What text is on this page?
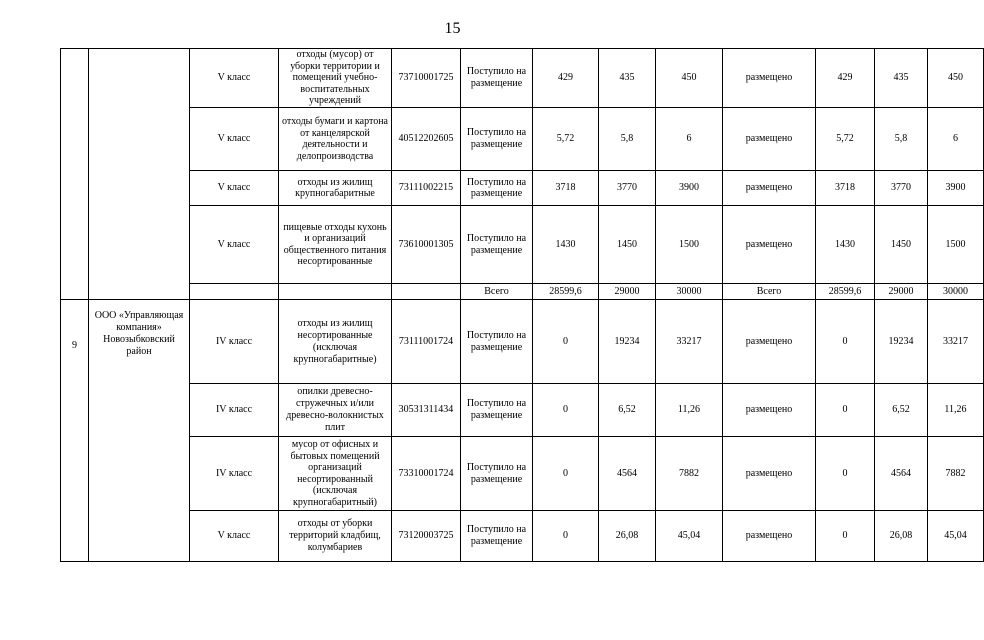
15
		V класс	отходы (мусор) от уборки территории и помещений учебно-воспитательных учреждений	73710001725	Поступило на размещение	429	435	450	размещено	429	435	450
		V класс	отходы бумаги и картона от канцелярской деятельности и делопроизводства	40512202605	Поступило на размещение	5,72	5,8	6	размещено	5,72	5,8	6
		V класс	отходы из жилищ крупногабаритные	73111002215	Поступило на размещение	3718	3770	3900	размещено	3718	3770	3900
		V класс	пищевые отходы кухонь и организаций общественного питания несортированные	73610001305	Поступило на размещение	1430	1450	1500	размещено	1430	1450	1500
					Всего	28599,6	29000	30000	Всего	28599,6	29000	30000
9	ООО «Управляющая компания» Новозыбковский район	IV класс	отходы из жилищ несортированные (исключая крупногабаритные)	73111001724	Поступило на размещение	0	19234	33217	размещено	0	19234	33217
		IV класс	опилки древесно-стружечных и/или древесно-волокнистых плит	30531311434	Поступило на размещение	0	6,52	11,26	размещено	0	6,52	11,26
		IV класс	мусор от офисных и бытовых помещений организаций несортированный (исключая крупногабаритный)	73310001724	Поступило на размещение	0	4564	7882	размещено	0	4564	7882
		V класс	отходы от уборки территорий кладбищ, колумбариев	73120003725	Поступило на размещение	0	26,08	45,04	размещено	0	26,08	45,04
